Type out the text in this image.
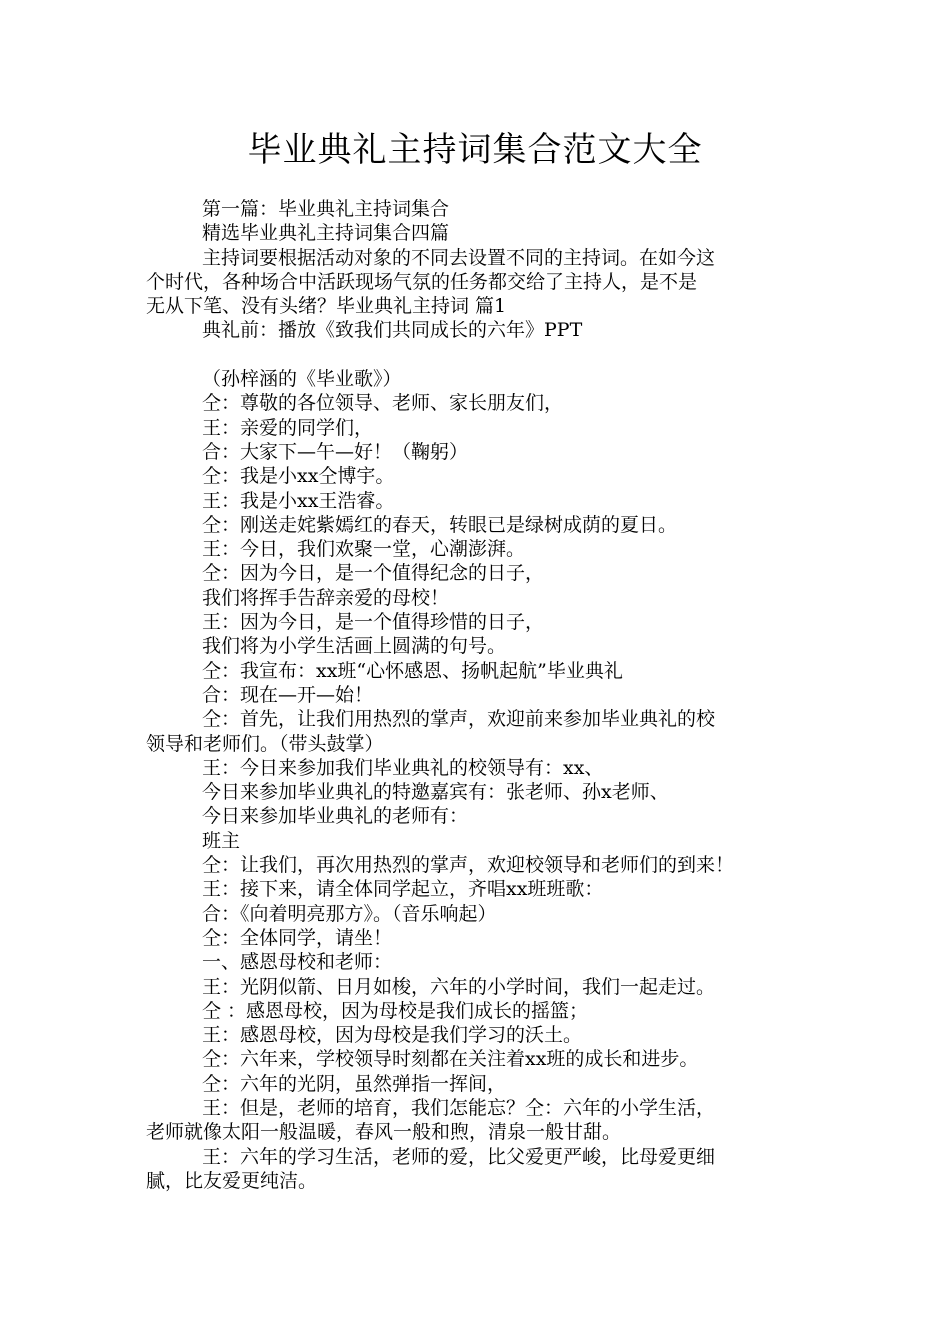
毕业典礼主持词集合范文大全
第一篇：毕业典礼主持词集合
精选毕业典礼主持词集合四篇
主持词要根据活动对象的不同去设置不同的主持词。在如今这
个时代，各种场合中活跃现场气氛的任务都交给了主持人，是不是
无从下笔、没有头绪？毕业典礼主持词 篇1
典礼前：播放《致我们共同成长的六年》PPT
（孙梓涵的《毕业歌》）
仝：尊敬的各位领导、老师、家长朋友们，
王：亲爱的同学们，
合：大家下—午—好！（鞠躬）
仝：我是小xx仝博宇。
王：我是小xx王浩睿。
仝：刚送走姹紫嫣红的春天，转眼已是绿树成荫的夏日。
王：今日，我们欢聚一堂，心潮澎湃。
仝：因为今日，是一个值得纪念的日子，
我们将挥手告辞亲爱的母校！
王：因为今日，是一个值得珍惜的日子，
我们将为小学生活画上圆满的句号。
仝：我宣布：xx班“心怀感恩、扬帆起航”毕业典礼
合：现在—开—始！
仝：首先，让我们用热烈的掌声，欢迎前来参加毕业典礼的校
领导和老师们。（带头鼓掌）
王：今日来参加我们毕业典礼的校领导有：xx、
今日来参加毕业典礼的特邀嘉宾有：张老师、孙x老师、
今日来参加毕业典礼的老师有：
班主
仝：让我们，再次用热烈的掌声，欢迎校领导和老师们的到来！
王：接下来，请全体同学起立，齐唱xx班班歌：
合：《向着明亮那方》。（音乐响起）
仝：全体同学，请坐！
一、感恩母校和老师：
王：光阴似箭、日月如梭，六年的小学时间，我们一起走过。
仝 ：感恩母校，因为母校是我们成长的摇篮；
王：感恩母校，因为母校是我们学习的沃土。
仝：六年来，学校领导时刻都在关注着xx班的成长和进步。
仝：六年的光阴，虽然弹指一挥间，
王：但是，老师的培育，我们怎能忘？仝：六年的小学生活，
老师就像太阳一般温暖，春风一般和煦，清泉一般甘甜。
王：六年的学习生活，老师的爱，比父爱更严峻，比母爱更细
腻，比友爱更纯洁。
